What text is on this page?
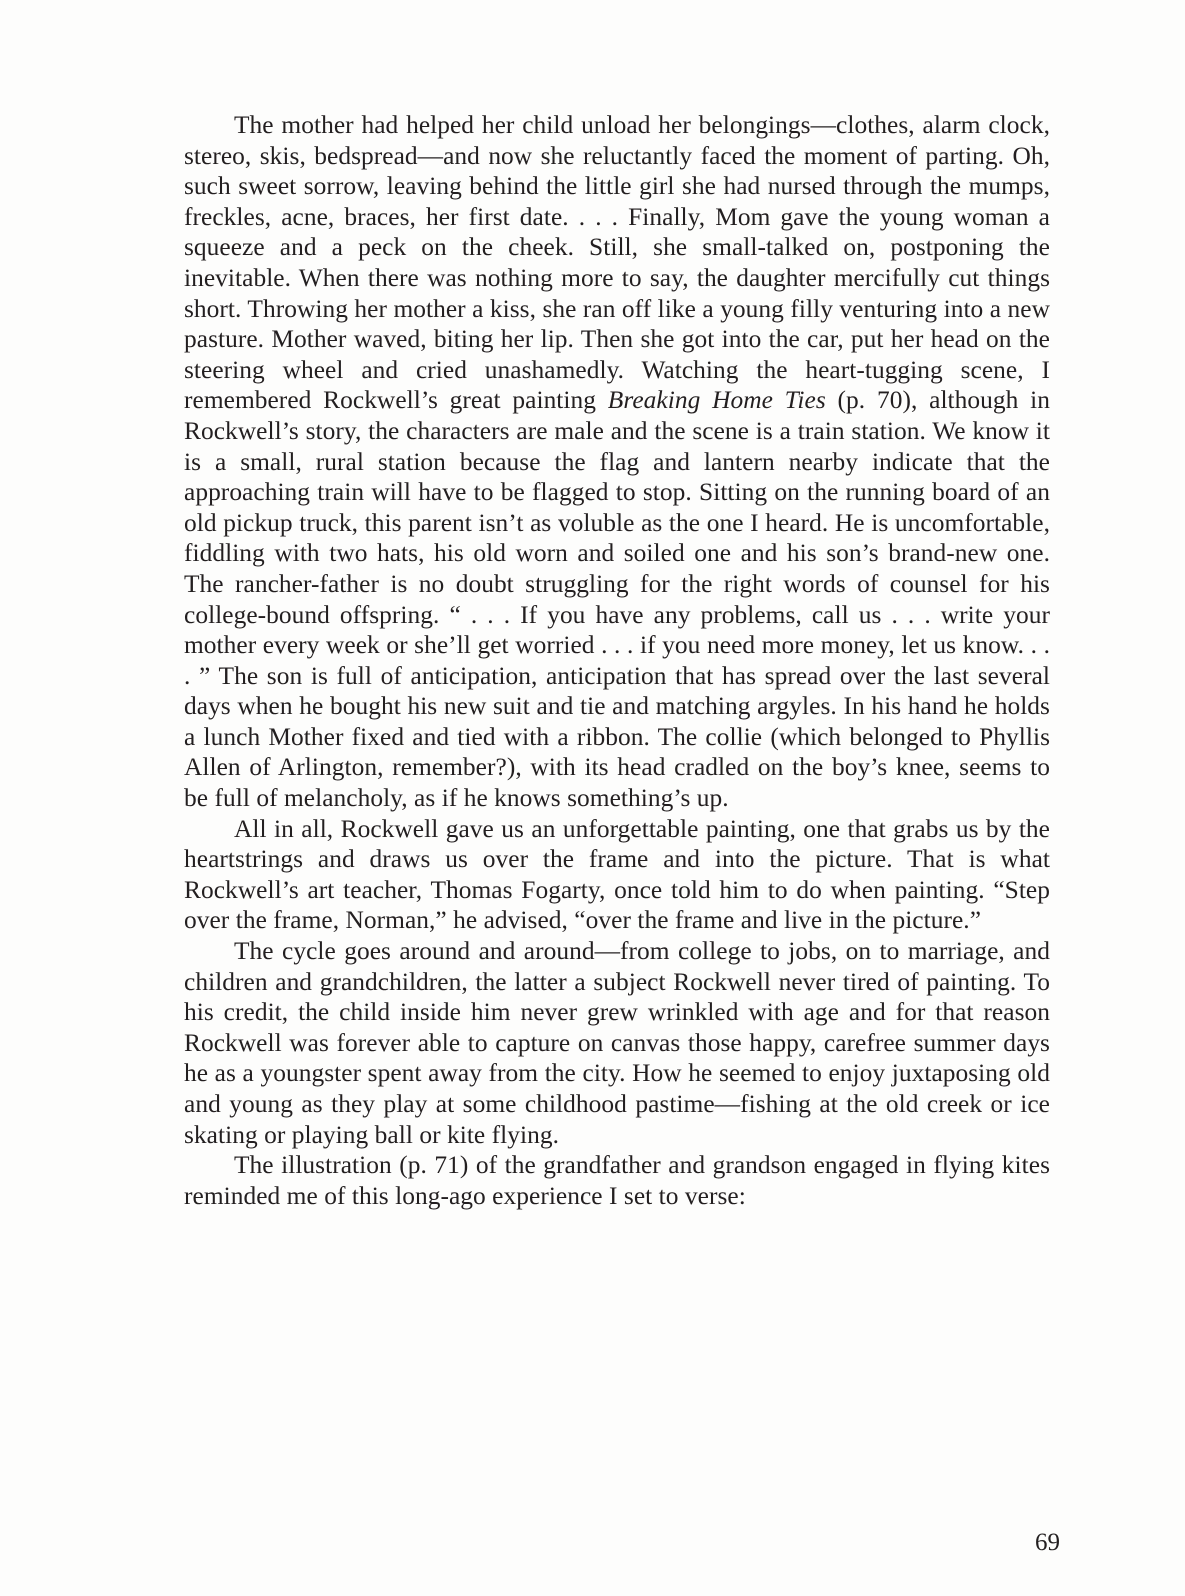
The mother had helped her child unload her belongings—clothes, alarm clock, stereo, skis, bedspread—and now she reluctantly faced the moment of parting. Oh, such sweet sorrow, leaving behind the little girl she had nursed through the mumps, freckles, acne, braces, her first date. . . . Finally, Mom gave the young woman a squeeze and a peck on the cheek. Still, she small-talked on, postponing the inevitable. When there was nothing more to say, the daughter mercifully cut things short. Throwing her mother a kiss, she ran off like a young filly venturing into a new pasture. Mother waved, biting her lip. Then she got into the car, put her head on the steering wheel and cried unashamedly. Watching the heart-tugging scene, I remembered Rockwell’s great painting Breaking Home Ties (p. 70), although in Rockwell’s story, the characters are male and the scene is a train station. We know it is a small, rural station because the flag and lantern nearby indicate that the approaching train will have to be flagged to stop. Sitting on the running board of an old pickup truck, this parent isn’t as voluble as the one I heard. He is uncomfortable, fiddling with two hats, his old worn and soiled one and his son’s brand-new one. The rancher-father is no doubt struggling for the right words of counsel for his college-bound offspring. “ . . . If you have any problems, call us . . . write your mother every week or she’ll get worried . . . if you need more money, let us know. . . . ” The son is full of anticipation, anticipation that has spread over the last several days when he bought his new suit and tie and matching argyles. In his hand he holds a lunch Mother fixed and tied with a ribbon. The collie (which belonged to Phyllis Allen of Arlington, remember?), with its head cradled on the boy’s knee, seems to be full of melancholy, as if he knows something’s up.

All in all, Rockwell gave us an unforgettable painting, one that grabs us by the heartstrings and draws us over the frame and into the picture. That is what Rockwell’s art teacher, Thomas Fogarty, once told him to do when painting. “Step over the frame, Norman,” he advised, “over the frame and live in the picture.”

The cycle goes around and around—from college to jobs, on to marriage, and children and grandchildren, the latter a subject Rockwell never tired of painting. To his credit, the child inside him never grew wrinkled with age and for that reason Rockwell was forever able to capture on canvas those happy, carefree summer days he as a youngster spent away from the city. How he seemed to enjoy juxtaposing old and young as they play at some childhood pastime—fishing at the old creek or ice skating or playing ball or kite flying.

The illustration (p. 71) of the grandfather and grandson engaged in flying kites reminded me of this long-ago experience I set to verse:

69
